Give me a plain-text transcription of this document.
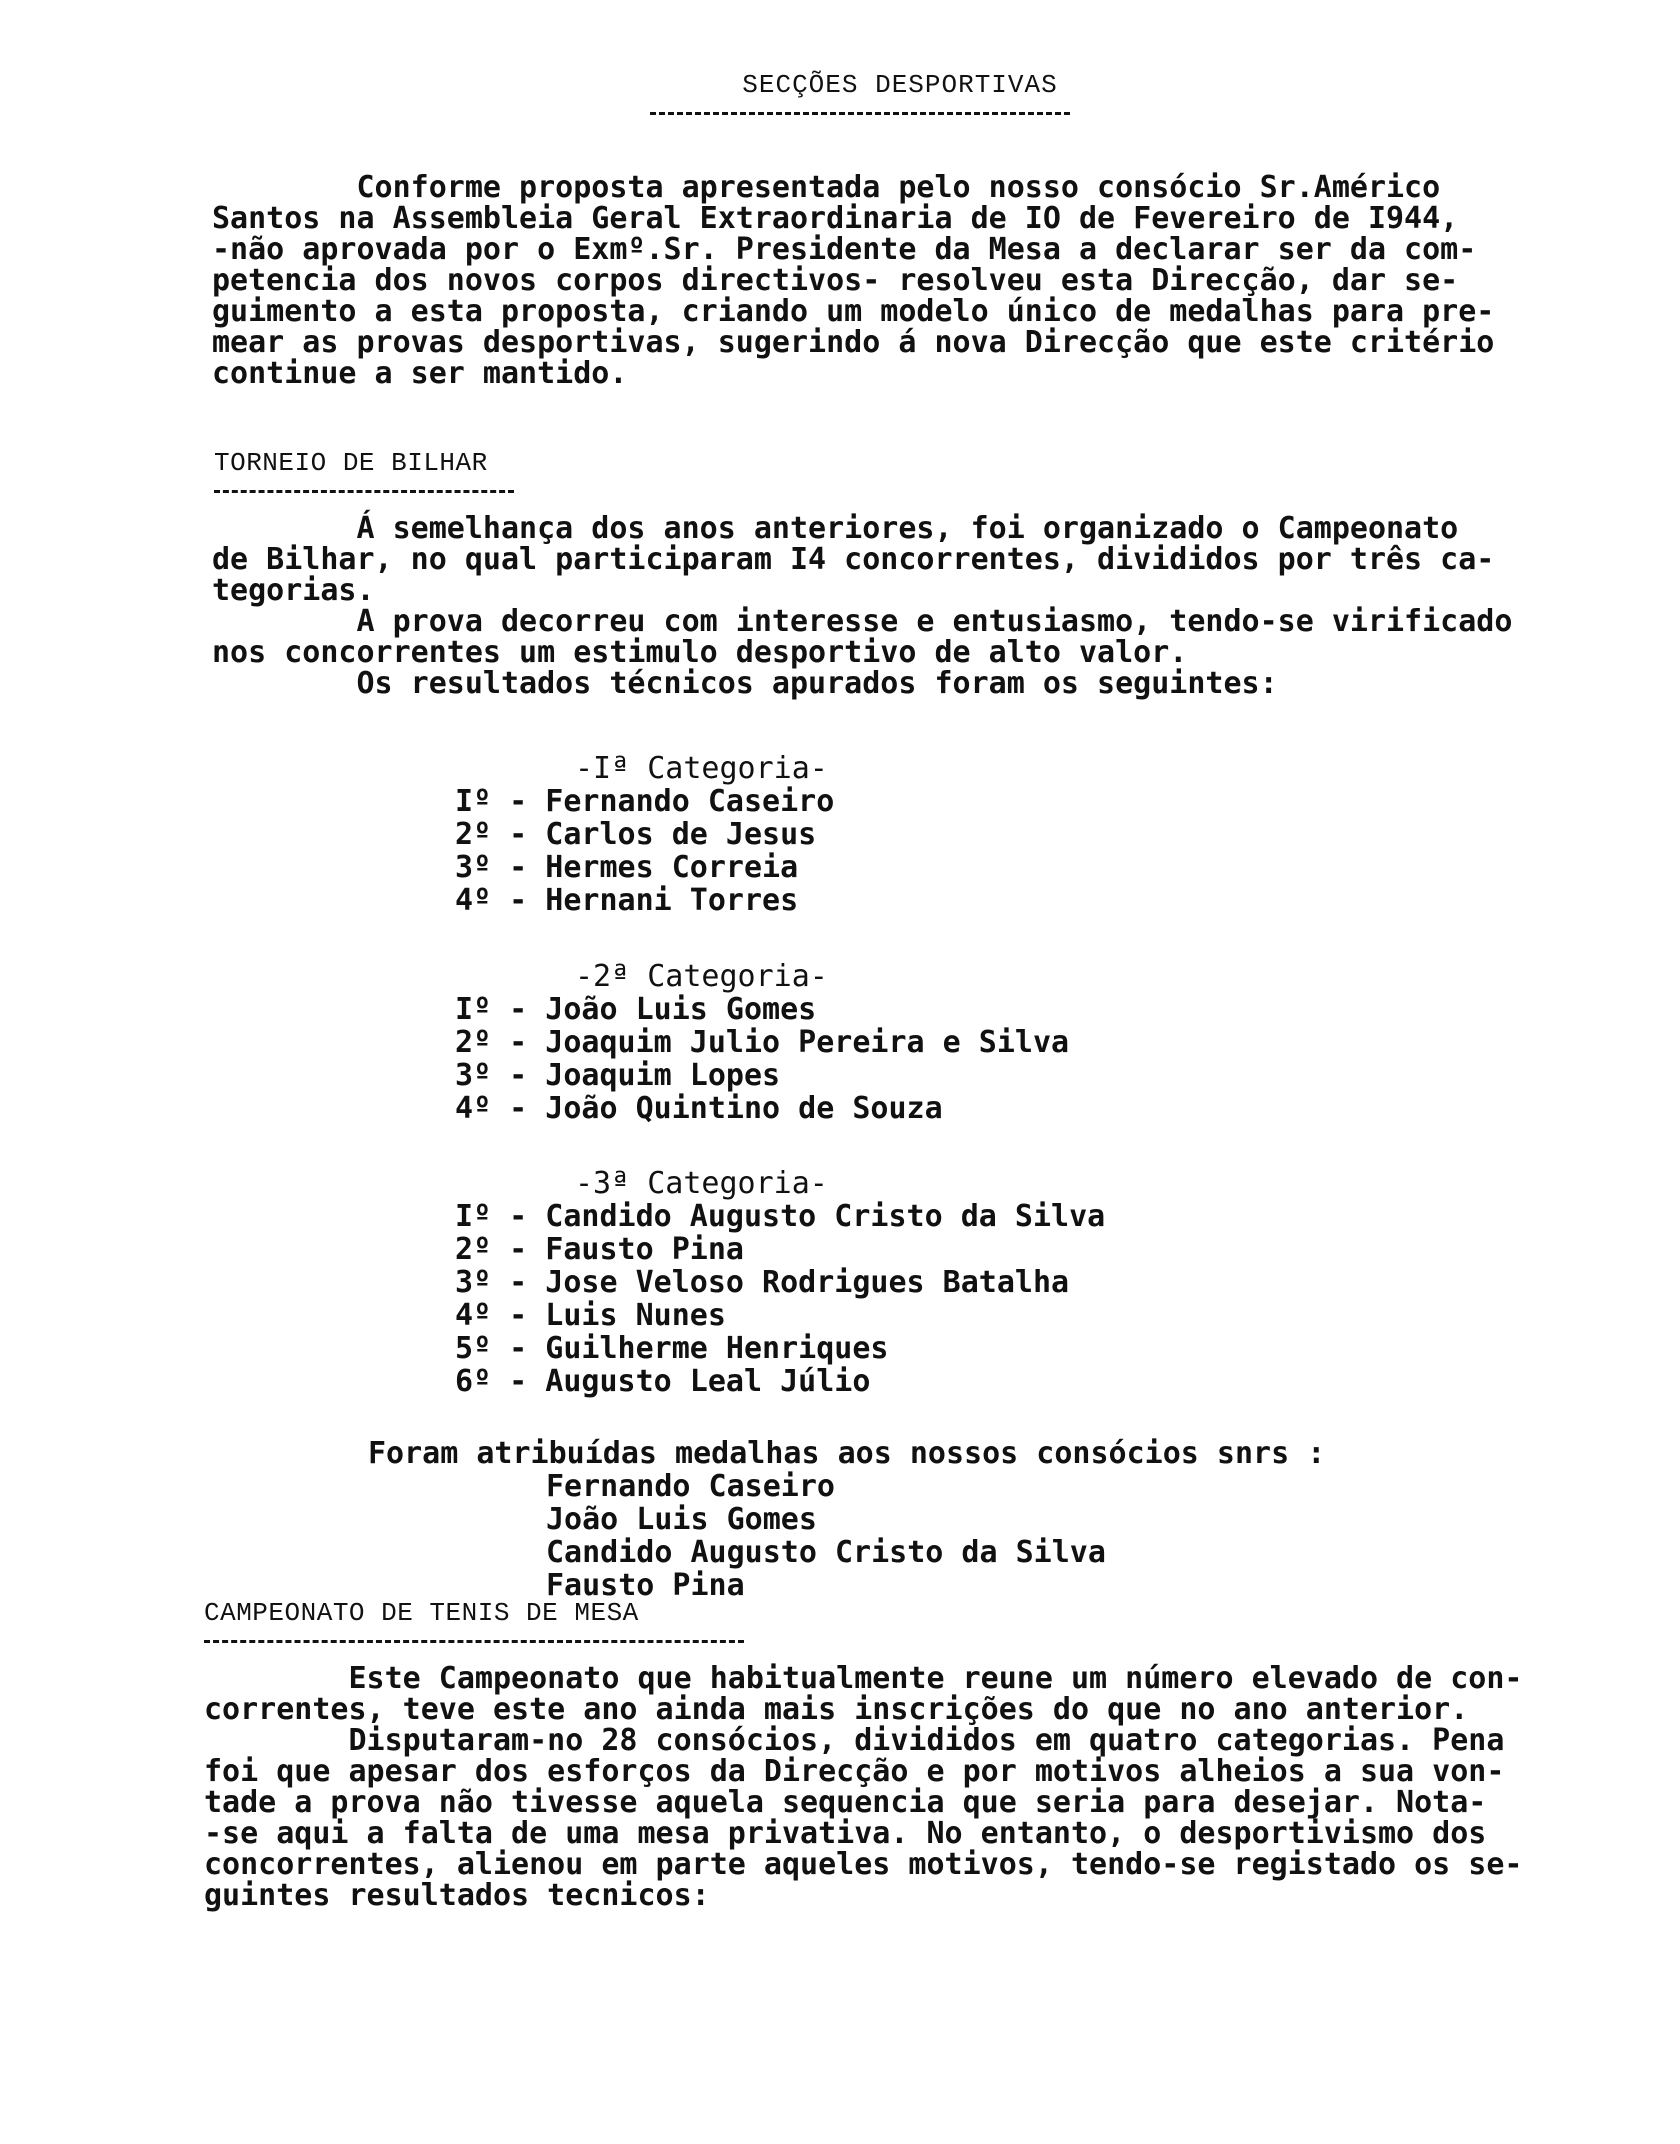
SECÇÕES DESPORTIVAS
Conforme proposta apresentada pelo nosso consócio Sr.Américo
Santos na Assembleia Geral Extraordinaria de IO de Fevereiro de I944,
-não aprovada por o Exmº.Sr. Presidente da Mesa a declarar ser da com-
petencia dos novos corpos directivos- resolveu esta Direcção, dar se-
guimento a esta proposta, criando um modelo único de medalhas para pre-
mear as provas desportivas, sugerindo á nova Direcção que este critério
continue a ser mantido.
TORNEIO DE BILHAR
Á semelhança dos anos anteriores, foi organizado o Campeonato
de Bilhar, no qual participaram I4 concorrentes, divididos por três ca-
tegorias.
A prova decorreu com interesse e entusiasmo, tendo-se virificado
nos concorrentes um estimulo desportivo de alto valor.
Os resultados técnicos apurados foram os seguintes:
-Iª Categoria-
Iº - Fernando Caseiro
2º - Carlos de Jesus
3º - Hermes Correia
4º - Hernani Torres
-2ª Categoria-
Iº - João Luis Gomes
2º - Joaquim Julio Pereira e Silva
3º - Joaquim Lopes
4º - João Quintino de Souza
-3ª Categoria-
Iº - Candido Augusto Cristo da Silva
2º - Fausto Pina
3º - Jose Veloso Rodrigues Batalha
4º - Luis Nunes
5º - Guilherme Henriques
6º - Augusto Leal Júlio
Foram atribuídas medalhas aos nossos consócios snrs :
Fernando Caseiro
João Luis Gomes
Candido Augusto Cristo da Silva
Fausto Pina
CAMPEONATO DE TENIS DE MESA
Este Campeonato que habitualmente reune um número elevado de con-
correntes, teve este ano ainda mais inscrições do que no ano anterior.
Disputaram-no 28 consócios, divididos em quatro categorias. Pena
foi que apesar dos esforços da Direcção e por motivos alheios a sua von-
tade a prova não tivesse aquela sequencia que seria para desejar. Nota-
-se aqui a falta de uma mesa privativa. No entanto, o desportivismo dos
concorrentes, alienou em parte aqueles motivos, tendo-se registado os se-
guintes resultados tecnicos:
